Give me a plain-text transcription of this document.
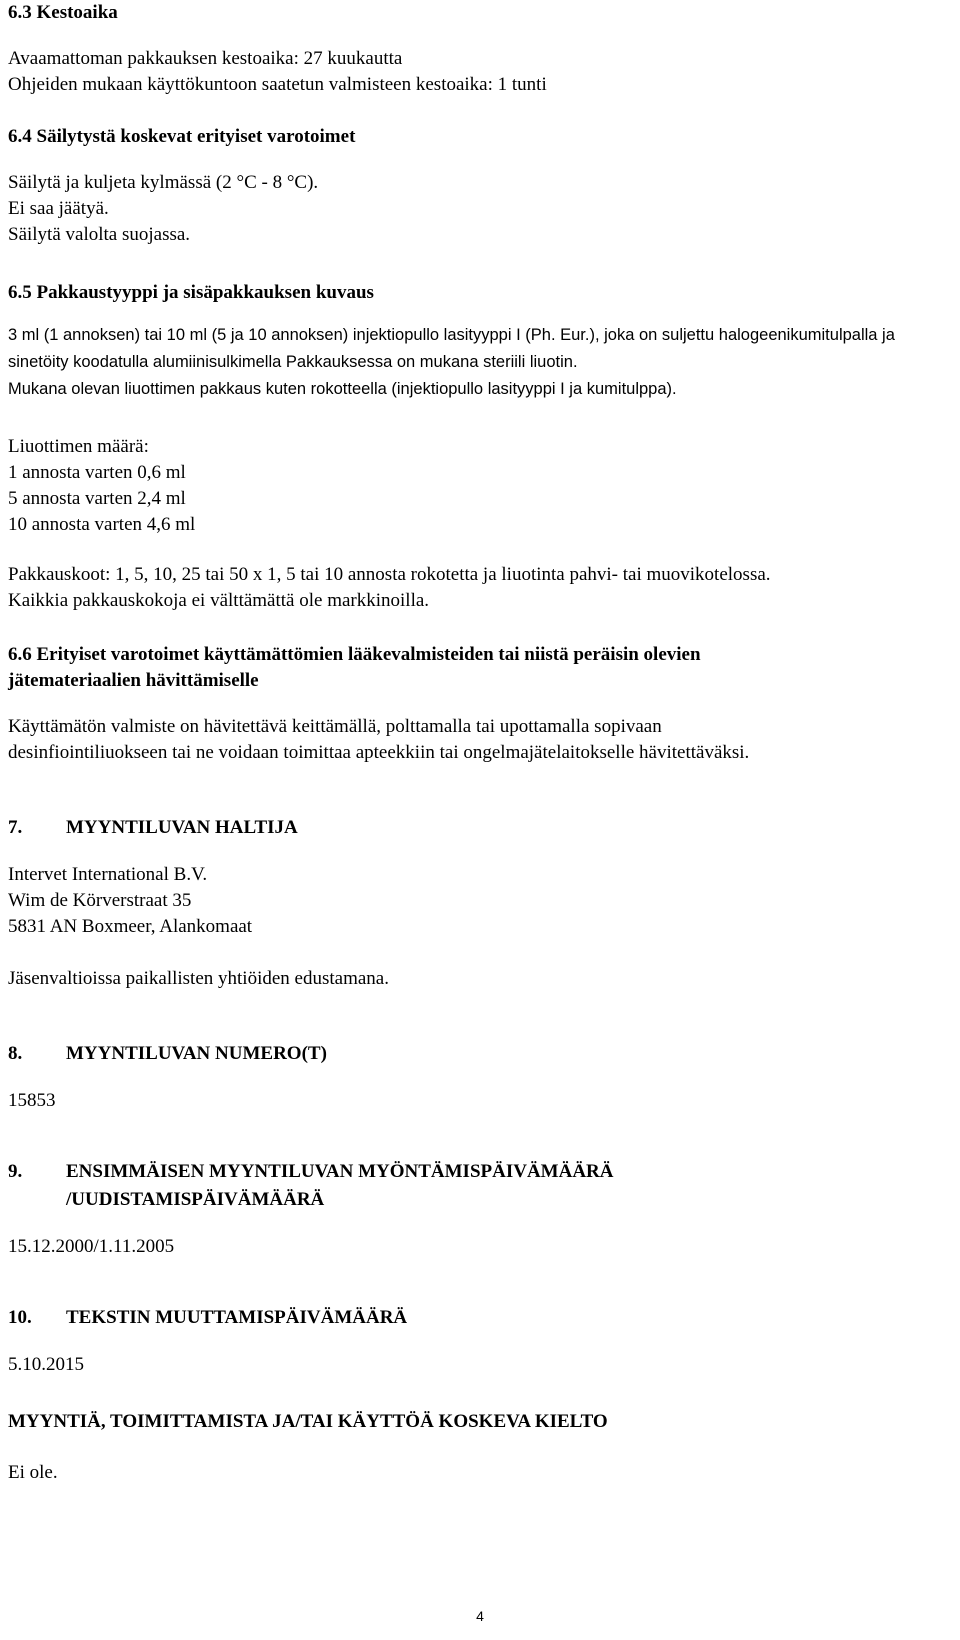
6.3 Kestoaika
Avaamattoman pakkauksen kestoaika: 27 kuukautta
Ohjeiden mukaan käyttökuntoon saatetun valmisteen kestoaika: 1 tunti
6.4 Säilytystä koskevat erityiset varotoimet
Säilytä ja kuljeta kylmässä (2 °C - 8 °C).
Ei saa jäätyä.
Säilytä valolta suojassa.
6.5 Pakkaustyyppi ja sisäpakkauksen kuvaus
3 ml (1 annoksen) tai 10 ml (5 ja 10 annoksen) injektiopullo lasityyppi I (Ph. Eur.), joka on suljettu halogeenikumitulpalla ja sinetöity koodatulla alumiinisulkimella Pakkauksessa on mukana steriili liuotin.
Mukana olevan liuottimen pakkaus kuten rokotteella (injektiopullo lasityyppi I ja kumitulppa).
Liuottimen määrä:
1 annosta varten 0,6 ml
5 annosta varten 2,4 ml
10 annosta varten 4,6 ml
Pakkauskoot: 1, 5, 10, 25 tai 50 x 1, 5 tai 10 annosta rokotetta ja liuotinta pahvi- tai muovikotelossa.
Kaikkia pakkauskokoja ei välttämättä ole markkinoilla.
6.6 Erityiset varotoimet käyttämättömien lääkevalmisteiden tai niistä peräisin olevien
jätemateriaalien hävittämiselle
Käyttämätön valmiste on hävitettävä keittämällä, polttamalla tai upottamalla sopivaan
desinfiointiliuokseen tai ne voidaan toimittaa apteekkiin tai ongelmajätelaitokselle hävitettäväksi.
7.	MYYNTILUVAN HALTIJA
Intervet International B.V.
Wim de Körverstraat 35
5831 AN Boxmeer, Alankomaat
Jäsenvaltioissa paikallisten yhtiöiden edustamana.
8.	MYYNTILUVAN NUMERO(T)
15853
9.	ENSIMMÄISEN MYYNTILUVAN MYÖNTÄMISPÄIVÄMÄÄRÄ
/UUDISTAMISPÄIVÄMÄÄRÄ
15.12.2000/1.11.2005
10.	TEKSTIN MUUTTAMISPÄIVÄMÄÄRÄ
5.10.2015
MYYNTIÄ, TOIMITTAMISTA JA/TAI KÄYTTÖÄ KOSKEVA KIELTO
Ei ole.
4
